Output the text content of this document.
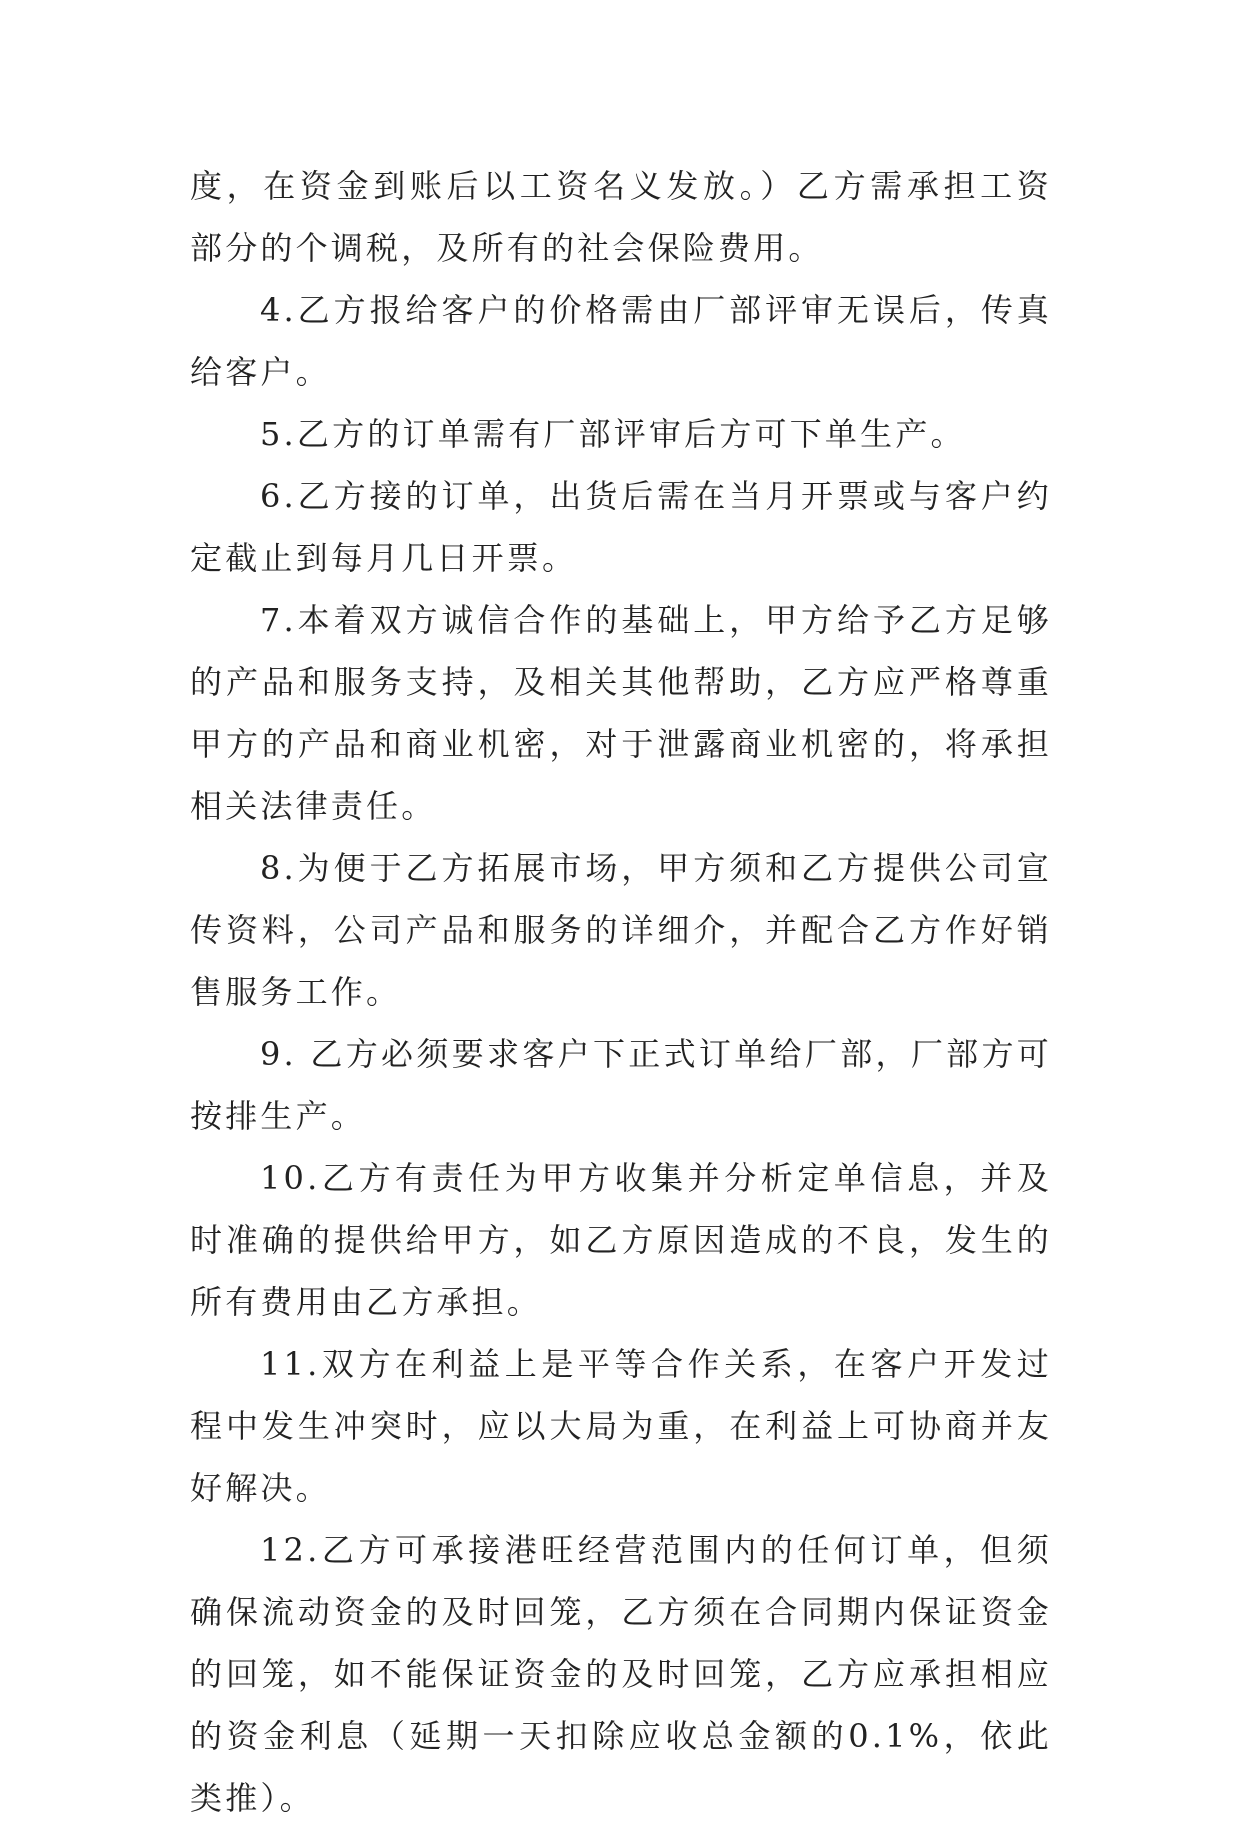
度，在资金到账后以工资名义发放。）乙方需承担工资部分的个调税，及所有的社会保险费用。

4.乙方报给客户的价格需由厂部评审无误后，传真给客户。

5.乙方的订单需有厂部评审后方可下单生产。

6.乙方接的订单，出货后需在当月开票或与客户约定截止到每月几日开票。

7.本着双方诚信合作的基础上，甲方给予乙方足够的产品和服务支持，及相关其他帮助，乙方应严格尊重甲方的产品和商业机密，对于泄露商业机密的，将承担相关法律责任。

8.为便于乙方拓展市场，甲方须和乙方提供公司宣传资料，公司产品和服务的详细介，并配合乙方作好销售服务工作。

9. 乙方必须要求客户下正式订单给厂部，厂部方可按排生产。

10.乙方有责任为甲方收集并分析定单信息，并及时准确的提供给甲方，如乙方原因造成的不良，发生的所有费用由乙方承担。

11.双方在利益上是平等合作关系，在客户开发过程中发生冲突时，应以大局为重，在利益上可协商并友好解决。

12.乙方可承接港旺经营范围内的任何订单，但须确保流动资金的及时回笼，乙方须在合同期内保证资金的回笼，如不能保证资金的及时回笼，乙方应承担相应的资金利息（延期一天扣除应收总金额的0.1%，依此类推）。
